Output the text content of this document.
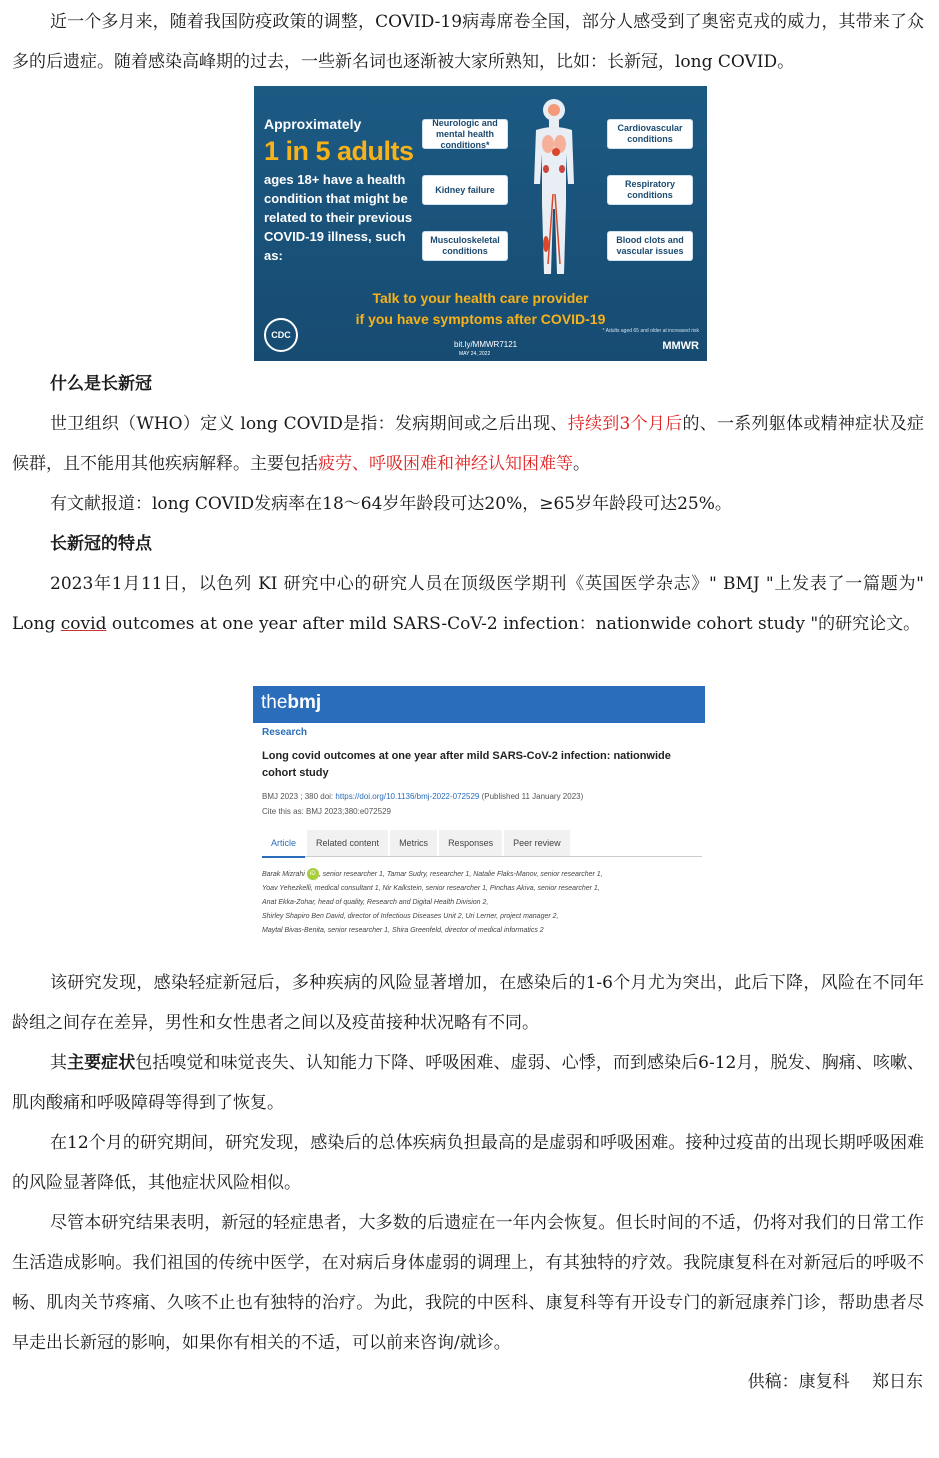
近一个多月来，随着我国防疫政策的调整，COVID-19病毒席卷全国，部分人感受到了奥密克戎的威力，其带来了众多的后遗症。随着感染高峰期的过去，一些新名词也逐渐被大家所熟知，比如：长新冠，long COVID。

Approximately
1 in 5 adults
ages 18+ have a health condition that might be related to their previous COVID-19 illness, such as:
Neurologic and mental health conditions*
Cardiovascular conditions
Kidney failure
Respiratory conditions
Musculoskeletal conditions
Blood clots and vascular issues
Talk to your health care provider
if you have symptoms after COVID-19
CDC	* Adults aged 65 and older at increased risk
bit.ly/MMWR7121
MAY 24, 2022
MMWR

什么是长新冠

世卫组织（WHO）定义 long COVID是指：发病期间或之后出现、持续到3个月后的、一系列躯体或精神症状及症候群，且不能用其他疾病解释。主要包括疲劳、呼吸困难和神经认知困难等。

有文献报道：long COVID发病率在18～64岁年龄段可达20%，≥65岁年龄段可达25%。

长新冠的特点

2023年1月11日，以色列 KI 研究中心的研究人员在顶级医学期刊《英国医学杂志》" BMJ "上发表了一篇题为" Long covid outcomes at one year after mild SARS-CoV-2 infection：nationwide cohort study "的研究论文。

thebmj
Research
Long covid outcomes at one year after mild SARS-CoV-2 infection: nationwide cohort study
BMJ 2023 ; 380 doi: https://doi.org/10.1136/bmj-2022-072529 (Published 11 January 2023)
Cite this as: BMJ 2023;380:e072529
Article	Related content	Metrics	Responses	Peer review
Barak Mizrahi iD , senior researcher 1, Tamar Sudry, researcher 1, Natalie Flaks-Manov, senior researcher 1,
Yoav Yehezkelli, medical consultant 1, Nir Kalkstein, senior researcher 1, Pinchas Akiva, senior researcher 1,
Anat Ekka-Zohar, head of quality, Research and Digital Health Division 2,
Shirley Shapiro Ben David, director of Infectious Diseases Unit 2, Uri Lerner, project manager 2,
Maytal Bivas-Benita, senior researcher 1, Shira Greenfeld, director of medical informatics 2

该研究发现，感染轻症新冠后，多种疾病的风险显著增加，在感染后的1-6个月尤为突出，此后下降，风险在不同年龄组之间存在差异，男性和女性患者之间以及疫苗接种状况略有不同。

其主要症状包括嗅觉和味觉丧失、认知能力下降、呼吸困难、虚弱、心悸，而到感染后6-12月，脱发、胸痛、咳嗽、肌肉酸痛和呼吸障碍等得到了恢复。

在12个月的研究期间，研究发现，感染后的总体疾病负担最高的是虚弱和呼吸困难。接种过疫苗的出现长期呼吸困难的风险显著降低，其他症状风险相似。

尽管本研究结果表明，新冠的轻症患者，大多数的后遗症在一年内会恢复。但长时间的不适，仍将对我们的日常工作生活造成影响。我们祖国的传统中医学，在对病后身体虚弱的调理上，有其独特的疗效。我院康复科在对新冠后的呼吸不畅、肌肉关节疼痛、久咳不止也有独特的治疗。为此，我院的中医科、康复科等有开设专门的新冠康养门诊，帮助患者尽早走出长新冠的影响，如果你有相关的不适，可以前来咨询/就诊。

供稿：康复科　 郑日东
